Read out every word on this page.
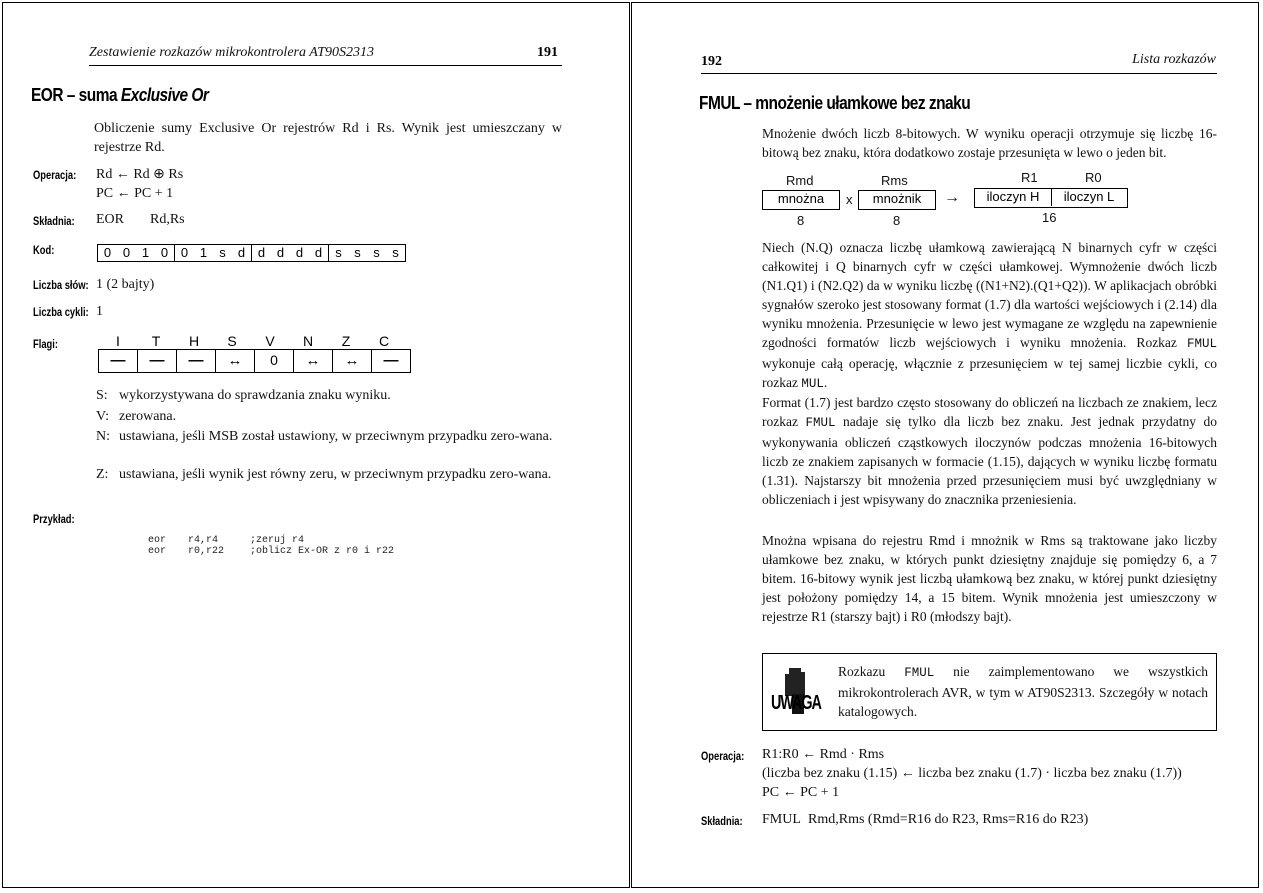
Zestawienie rozkazów mikrokontrolera AT90S2313	191
EOR – suma Exclusive Or
Obliczenie sumy Exclusive Or rejestrów Rd i Rs. Wynik jest umieszczany w rejestrze Rd.
Operacja: Rd ← Rd ⊕ Rs
PC ← PC + 1
Składnia: EOR Rd,Rs
Kod:	0 0 1 0 0 1 s d d d d d	s s s s
Liczba słów: 1 (2 bajty)
Liczba cykli: 1
Flagi:	I	T	H	S	V	N	Z	C
—	—	—	↔	0	↔	↔	—
S: wykorzystywana do sprawdzania znaku wyniku.
V: zerowana.
N: ustawiana, jeśli MSB został ustawiony, w przeciwnym przypadku zero-wana.
Z: ustawiana, jeśli wynik jest równy zeru, w przeciwnym przypadku zero-wana.
Przykład:
eor r4,r4	;zeruj r4
eor r0,r22	;oblicz Ex-OR z r0 i r22
192	Lista rozkazów
FMUL – mnożenie ułamkowe bez znaku
Mnożenie dwóch liczb 8-bitowych. W wyniku operacji otrzymuje się liczbę 16-bitową bez znaku, która dodatkowo zostaje przesunięta w lewo o jeden bit.
Rmd	Rms	R1	R0
mnożna	x	mnożnik	→	iloczyn H	iloczyn L
8	8	16
Niech (N.Q) oznacza liczbę ułamkową zawierającą N binarnych cyfr w części całkowitej i Q binarnych cyfr w części ułamkowej. Wymnożenie dwóch liczb (N1.Q1) i (N2.Q2) da w wyniku liczbę ((N1+N2).(Q1+Q2)). W aplikacjach obróbki sygnałów szeroko jest stosowany format (1.7) dla wartości wejściowych i (2.14) dla wyniku mnożenia. Przesunięcie w lewo jest wymagane ze względu na zapewnienie zgodności formatów liczb wejściowych i wyniku mnożenia. Rozkaz FMUL wykonuje całą operację, włącznie z przesunięciem w tej samej liczbie cykli, co rozkaz MUL.
Format (1.7) jest bardzo często stosowany do obliczeń na liczbach ze znakiem, lecz rozkaz FMUL nadaje się tylko dla liczb bez znaku. Jest jednak przydatny do wykonywania obliczeń cząstkowych iloczynów podczas mnożenia 16-bitowych liczb ze znakiem zapisanych w formacie (1.15), dających w wyniku liczbę formatu (1.31). Najstarszy bit mnożenia przed przesunięciem musi być uwzględniany w obliczeniach i jest wpisywany do znacznika przeniesienia.
Mnożna wpisana do rejestru Rmd i mnożnik w Rms są traktowane jako liczby ułamkowe bez znaku, w których punkt dziesiętny znajduje się pomiędzy 6, a 7 bitem. 16-bitowy wynik jest liczbą ułamkową bez znaku, w której punkt dziesiętny jest położony pomiędzy 14, a 15 bitem. Wynik mnożenia jest umieszczony w rejestrze R1 (starszy bajt) i R0 (młodszy bajt).
UWAGA
Rozkazu FMUL nie zaimplementowano we wszystkich mikrokontrolerach AVR, w tym w AT90S2313. Szczegóły w notach katalogowych.
Operacja: R1:R0 ← Rmd · Rms
(liczba bez znaku (1.15) ← liczba bez znaku (1.7) · liczba bez znaku (1.7))
PC ← PC + 1
Składnia: FMUL Rmd,Rms (Rmd=R16 do R23, Rms=R16 do R23)
